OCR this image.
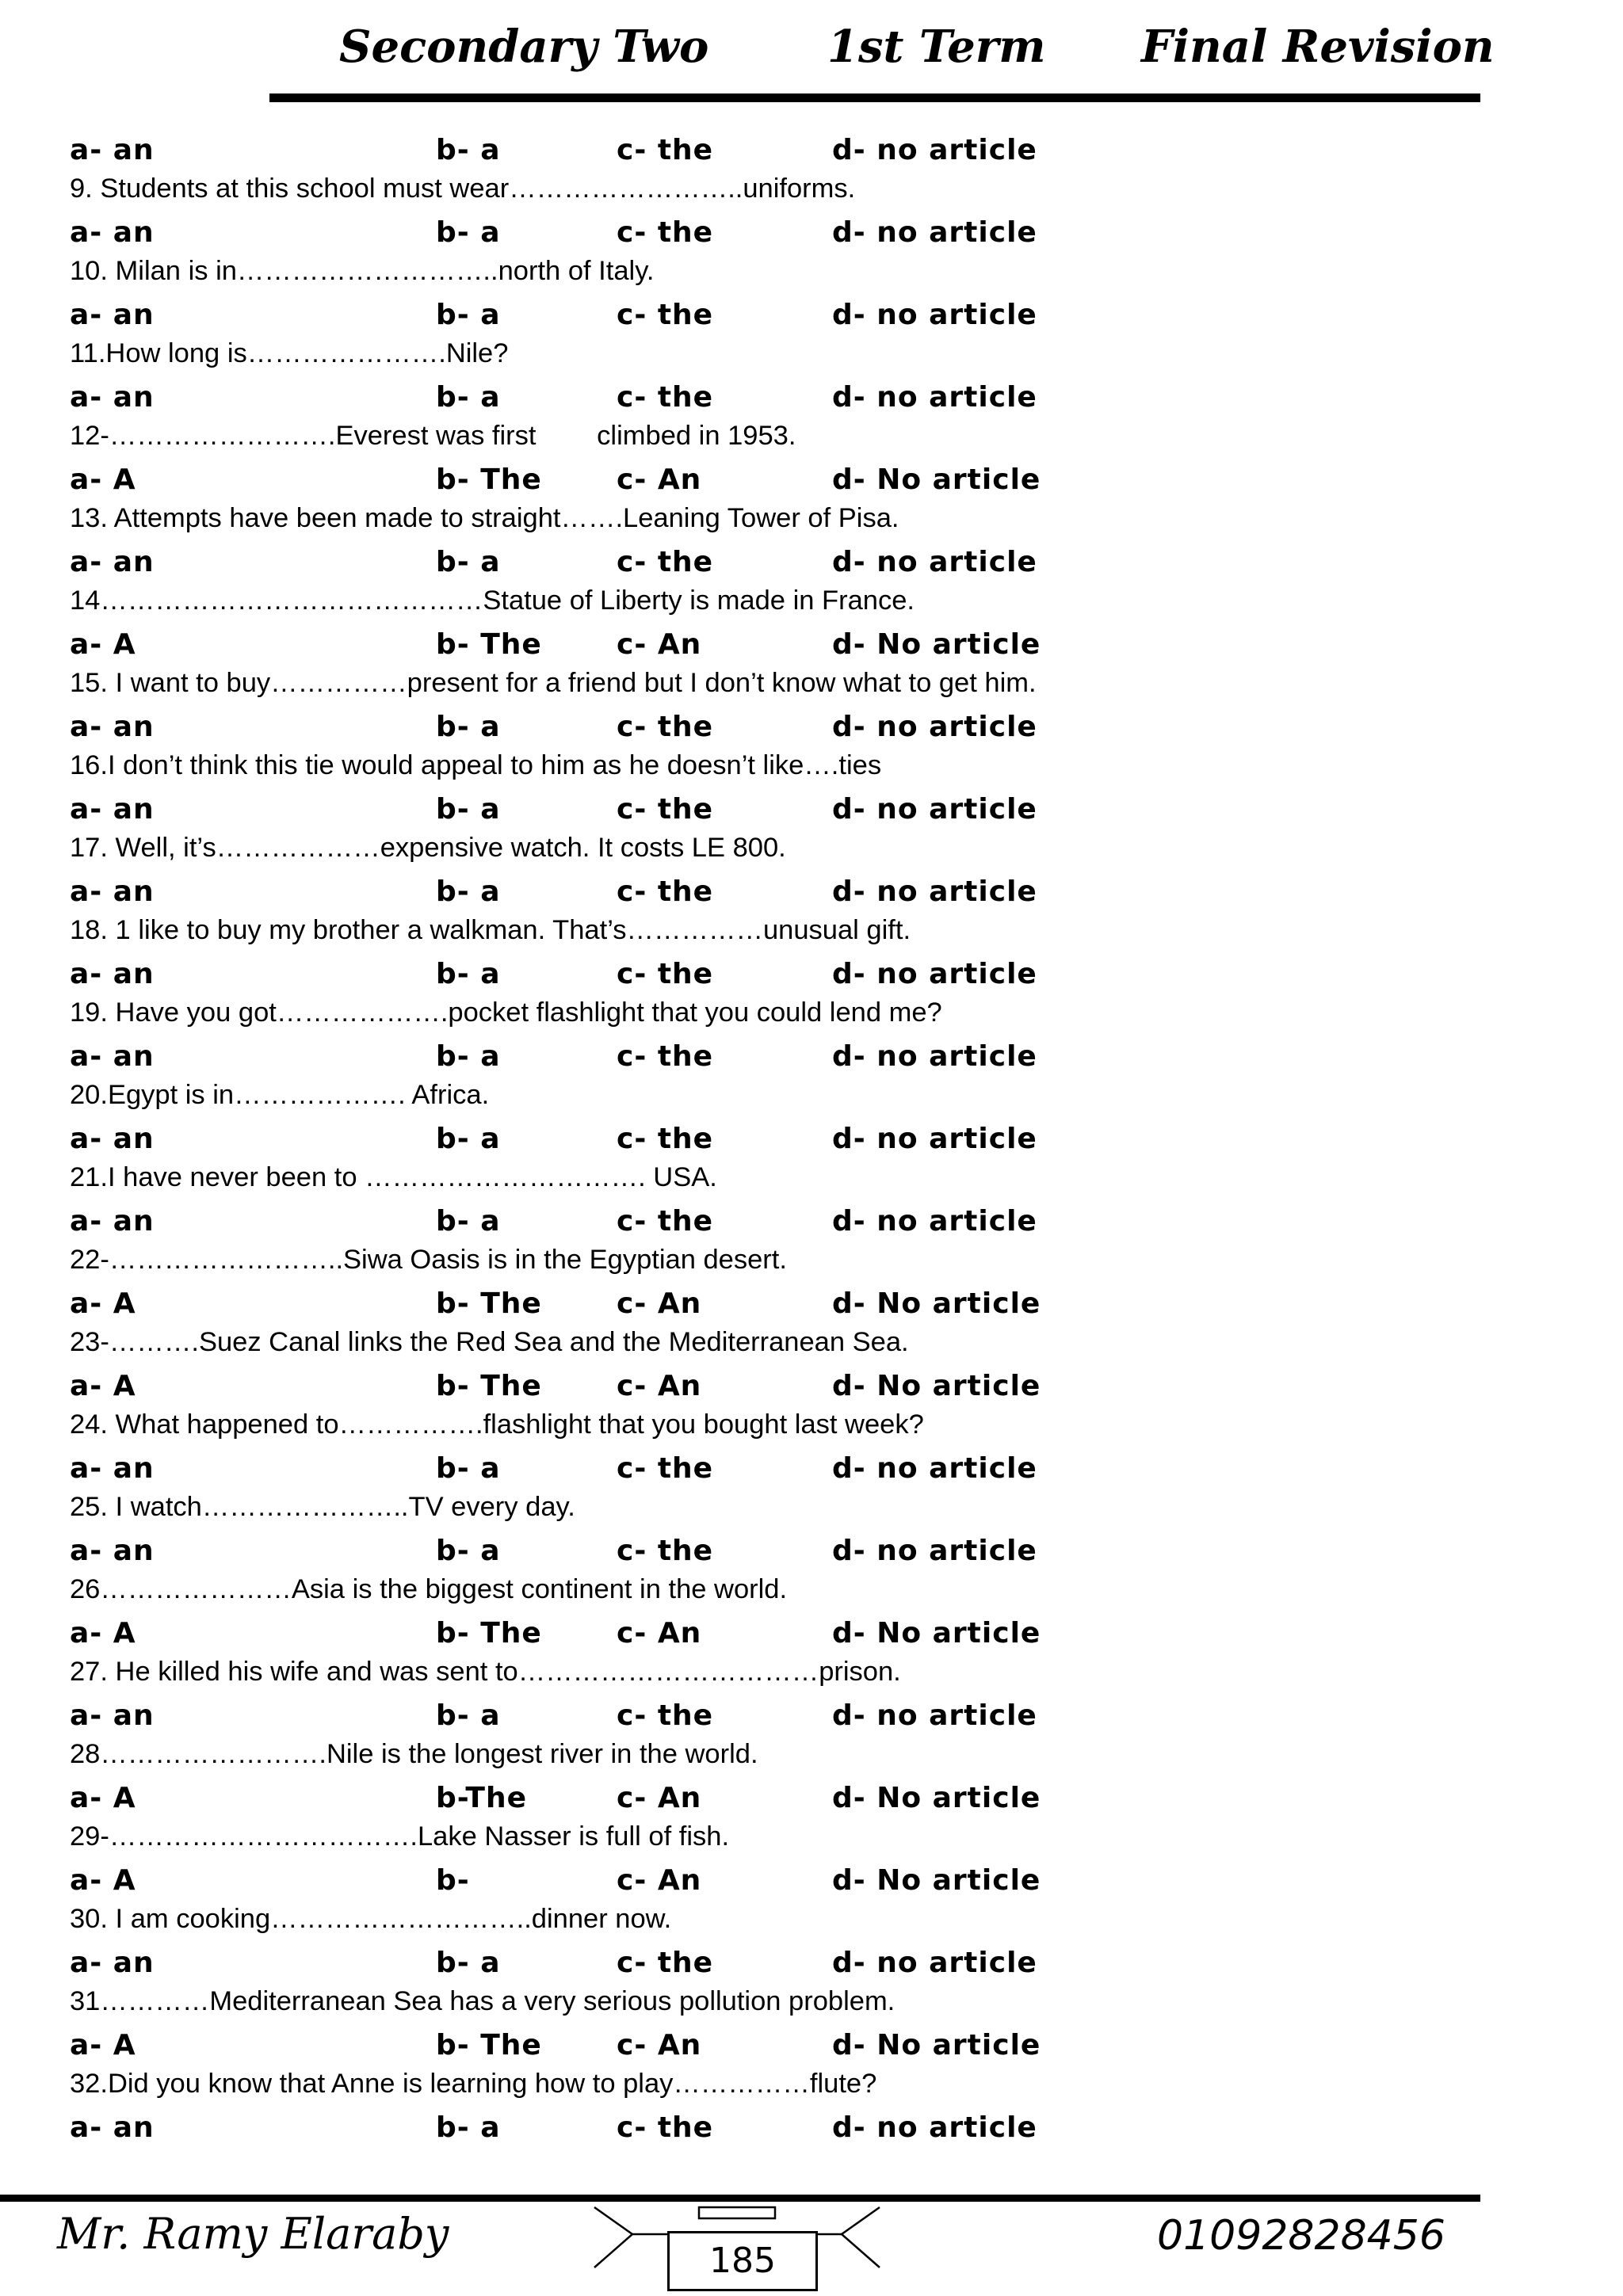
Secondary Two	1st Term Final Revision
a- an	b- a	c- the	d- no article
9. Students at this school must wear……………………..uniforms.
a- an	b- a	c- the	d- no article
10. Milan is in………………………..north of Italy.
a- an	b- a	c- the	d- no article
11.How long is………………….Nile?
a- an	b- a	c- the	d- no article
12-…………………….Everest was first        climbed in 1953.
a- A	b- The	c- An	d- No article
13. Attempts have been made to straight…….Leaning Tower of Pisa.
a- an	b- a	c- the	d- no article
14……………………………………Statue of Liberty is made in France.
a- A	b- The	c- An	d- No article
15. I want to buy……………present for a friend but I don’t know what to get him.
a- an	b- a	c- the	d- no article
16.I don’t think this tie would appeal to him as he doesn’t like….ties
a- an	b- a	c- the	d- no article
17. Well, it’s………………expensive watch. It costs LE 800.
a- an	b- a	c- the	d- no article
18. 1 like to buy my brother a walkman. That’s……………unusual gift.
a- an	b- a	c- the	d- no article
19. Have you got……………….pocket flashlight that you could lend me?
a- an	b- a	c- the	d- no article
20.Egypt is in………………. Africa.
a- an	b- a	c- the	d- no article
21.I have never been to …………………………. USA.
a- an	b- a	c- the	d- no article
22-……………………..Siwa Oasis is in the Egyptian desert.
a- A	b- The	c- An	d- No article
23-……….Suez Canal links the Red Sea and the Mediterranean Sea.
a- A	b- The	c- An	d- No article
24. What happened to…………….flashlight that you bought last week?
a- an	b- a	c- the	d- no article
25. I watch…………………..TV every day.
a- an	b- a	c- the	d- no article
26…………………Asia is the biggest continent in the world.
a- A	b- The	c- An	d- No article
27. He killed his wife and was sent to……………………………prison.
a- an	b- a	c- the	d- no article
28…………………….Nile is the longest river in the world.
a- A	b-The	c- An	d- No article
29-…………………………….Lake Nasser is full of fish.
a- A	b-	c- An	d- No article
30. I am cooking………………………..dinner now.
a- an	b- a	c- the	d- no article
31…………Mediterranean Sea has a very serious pollution problem.
a- A	b- The	c- An	d- No article
32.Did you know that Anne is learning how to play……………flute?
a- an	b- a	c- the	d- no article
Mr. Ramy Elaraby
185
01092828456
